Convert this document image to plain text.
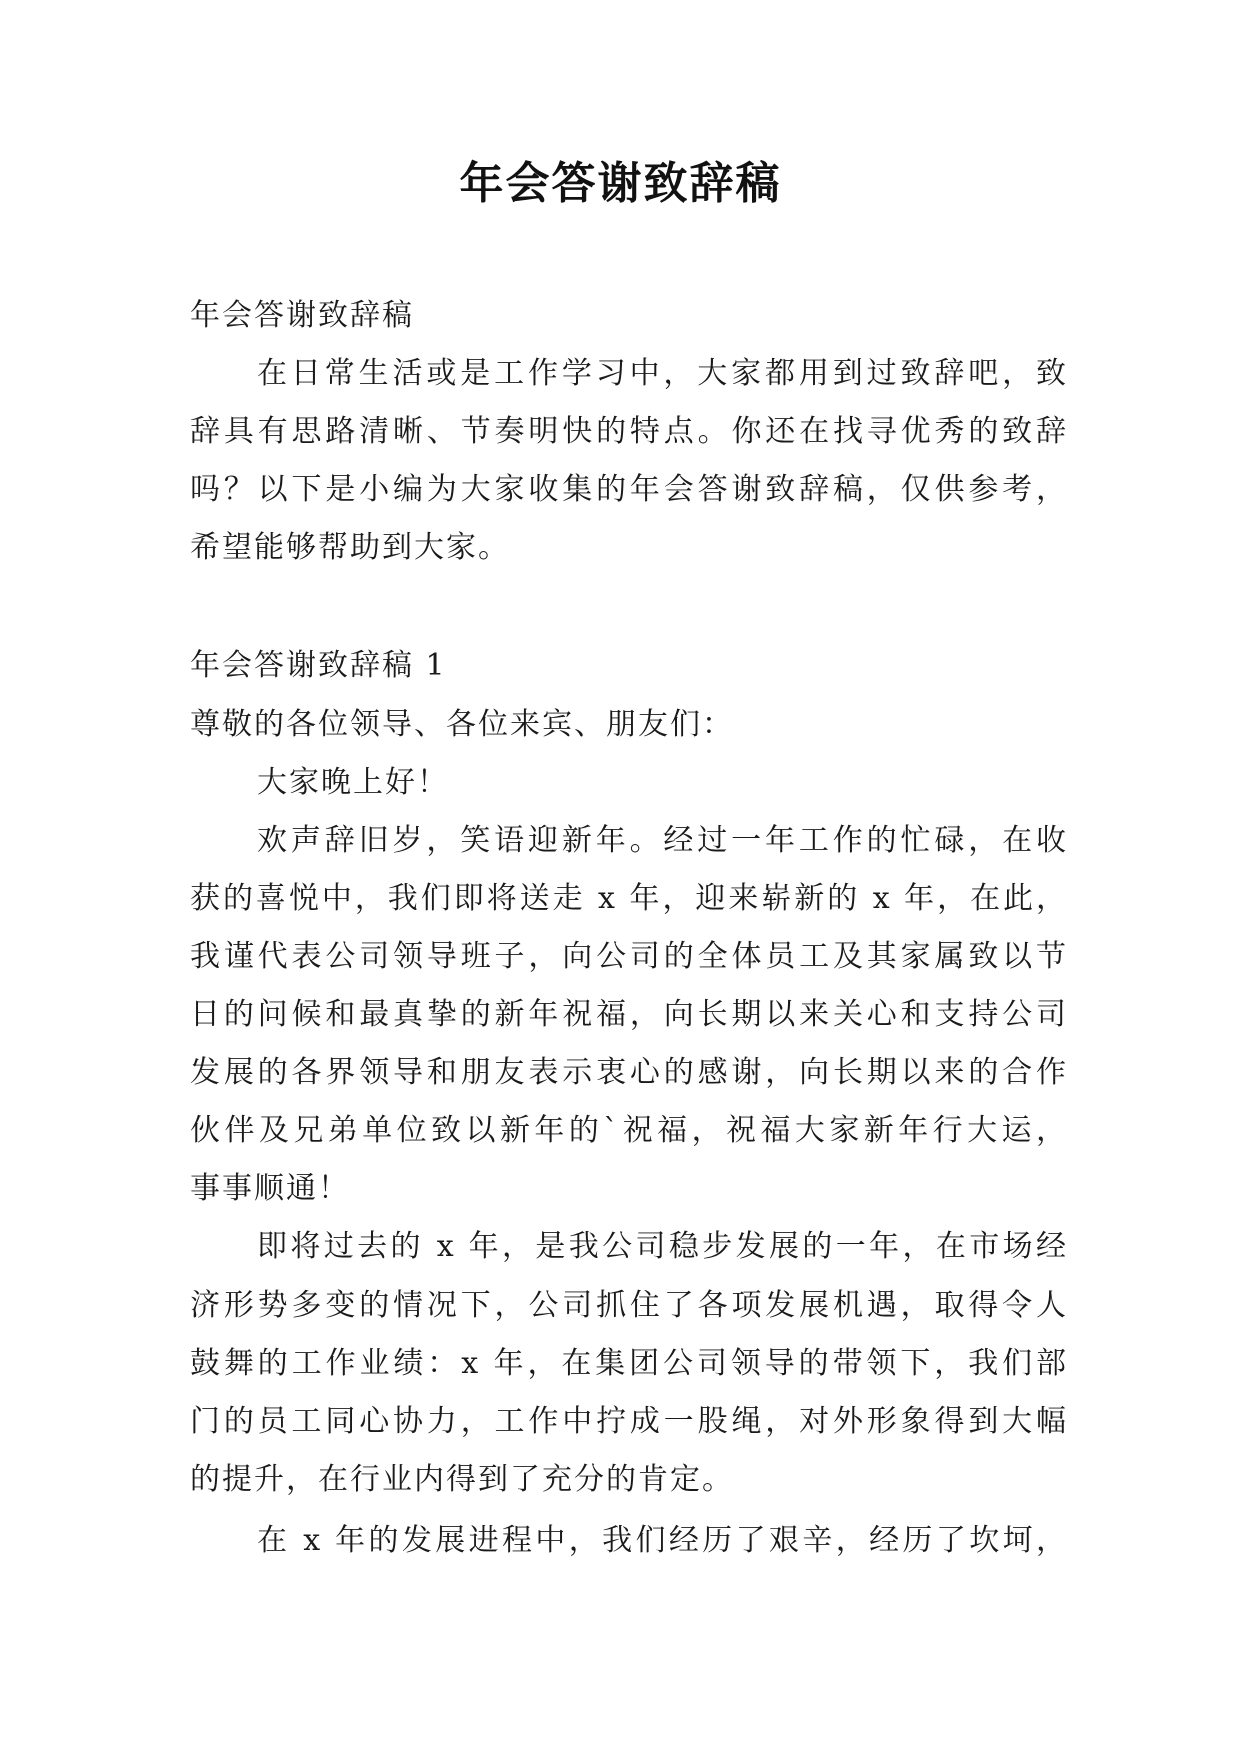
年会答谢致辞稿
年会答谢致辞稿
在日常生活或是工作学习中，大家都用到过致辞吧，致
辞具有思路清晰、节奏明快的特点。你还在找寻优秀的致辞
吗？以下是小编为大家收集的年会答谢致辞稿，仅供参考，
希望能够帮助到大家。
年会答谢致辞稿 1
尊敬的各位领导、各位来宾、朋友们：
大家晚上好！
欢声辞旧岁，笑语迎新年。经过一年工作的忙碌，在收
获的喜悦中，我们即将送走 x 年，迎来崭新的 x 年，在此，
我谨代表公司领导班子，向公司的全体员工及其家属致以节
日的问候和最真挚的新年祝福，向长期以来关心和支持公司
发展的各界领导和朋友表示衷心的感谢，向长期以来的合作
伙伴及兄弟单位致以新年的`祝福，祝福大家新年行大运，
事事顺通！
即将过去的 x 年，是我公司稳步发展的一年，在市场经
济形势多变的情况下，公司抓住了各项发展机遇，取得令人
鼓舞的工作业绩：x 年，在集团公司领导的带领下，我们部
门的员工同心协力，工作中拧成一股绳，对外形象得到大幅
的提升，在行业内得到了充分的肯定。
在 x 年的发展进程中，我们经历了艰辛，经历了坎坷，
